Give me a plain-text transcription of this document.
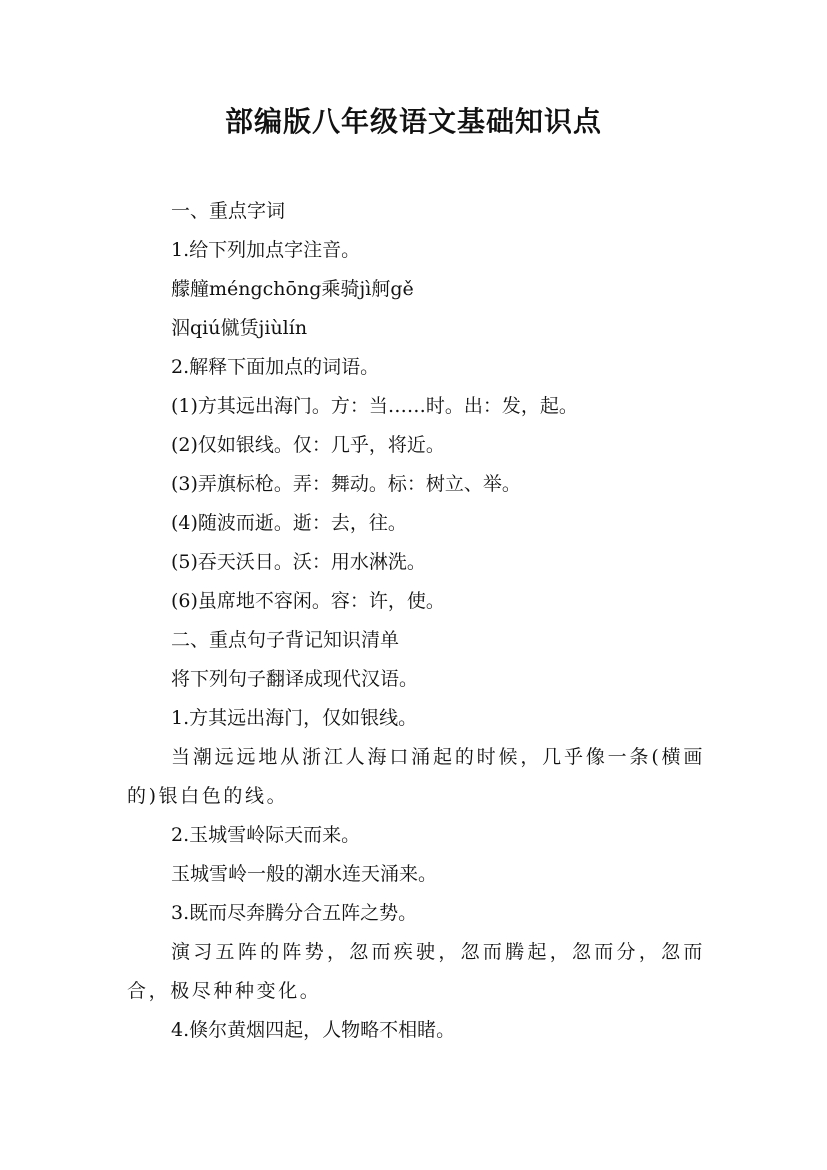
部编版八年级语文基础知识点
一、重点字词
1.给下列加点字注音。
艨艟méngchōng乘骑jì舸gě
泅qiú僦赁jiùlín
2.解释下面加点的词语。
(1)方其远出海门。方：当……时。出：发，起。
(2)仅如银线。仅：几乎，将近。
(3)弄旗标枪。弄：舞动。标：树立、举。
(4)随波而逝。逝：去，往。
(5)吞天沃日。沃：用水淋洗。
(6)虽席地不容闲。容：许，使。
二、重点句子背记知识清单
将下列句子翻译成现代汉语。
1.方其远出海门，仅如银线。
当潮远远地从浙江人海口涌起的时候，几乎像一条(横画的)银白色的线。
2.玉城雪岭际天而来。
玉城雪岭一般的潮水连天涌来。
3.既而尽奔腾分合五阵之势。
演习五阵的阵势，忽而疾驶，忽而腾起，忽而分，忽而合，极尽种种变化。
4.倏尔黄烟四起，人物略不相睹。
